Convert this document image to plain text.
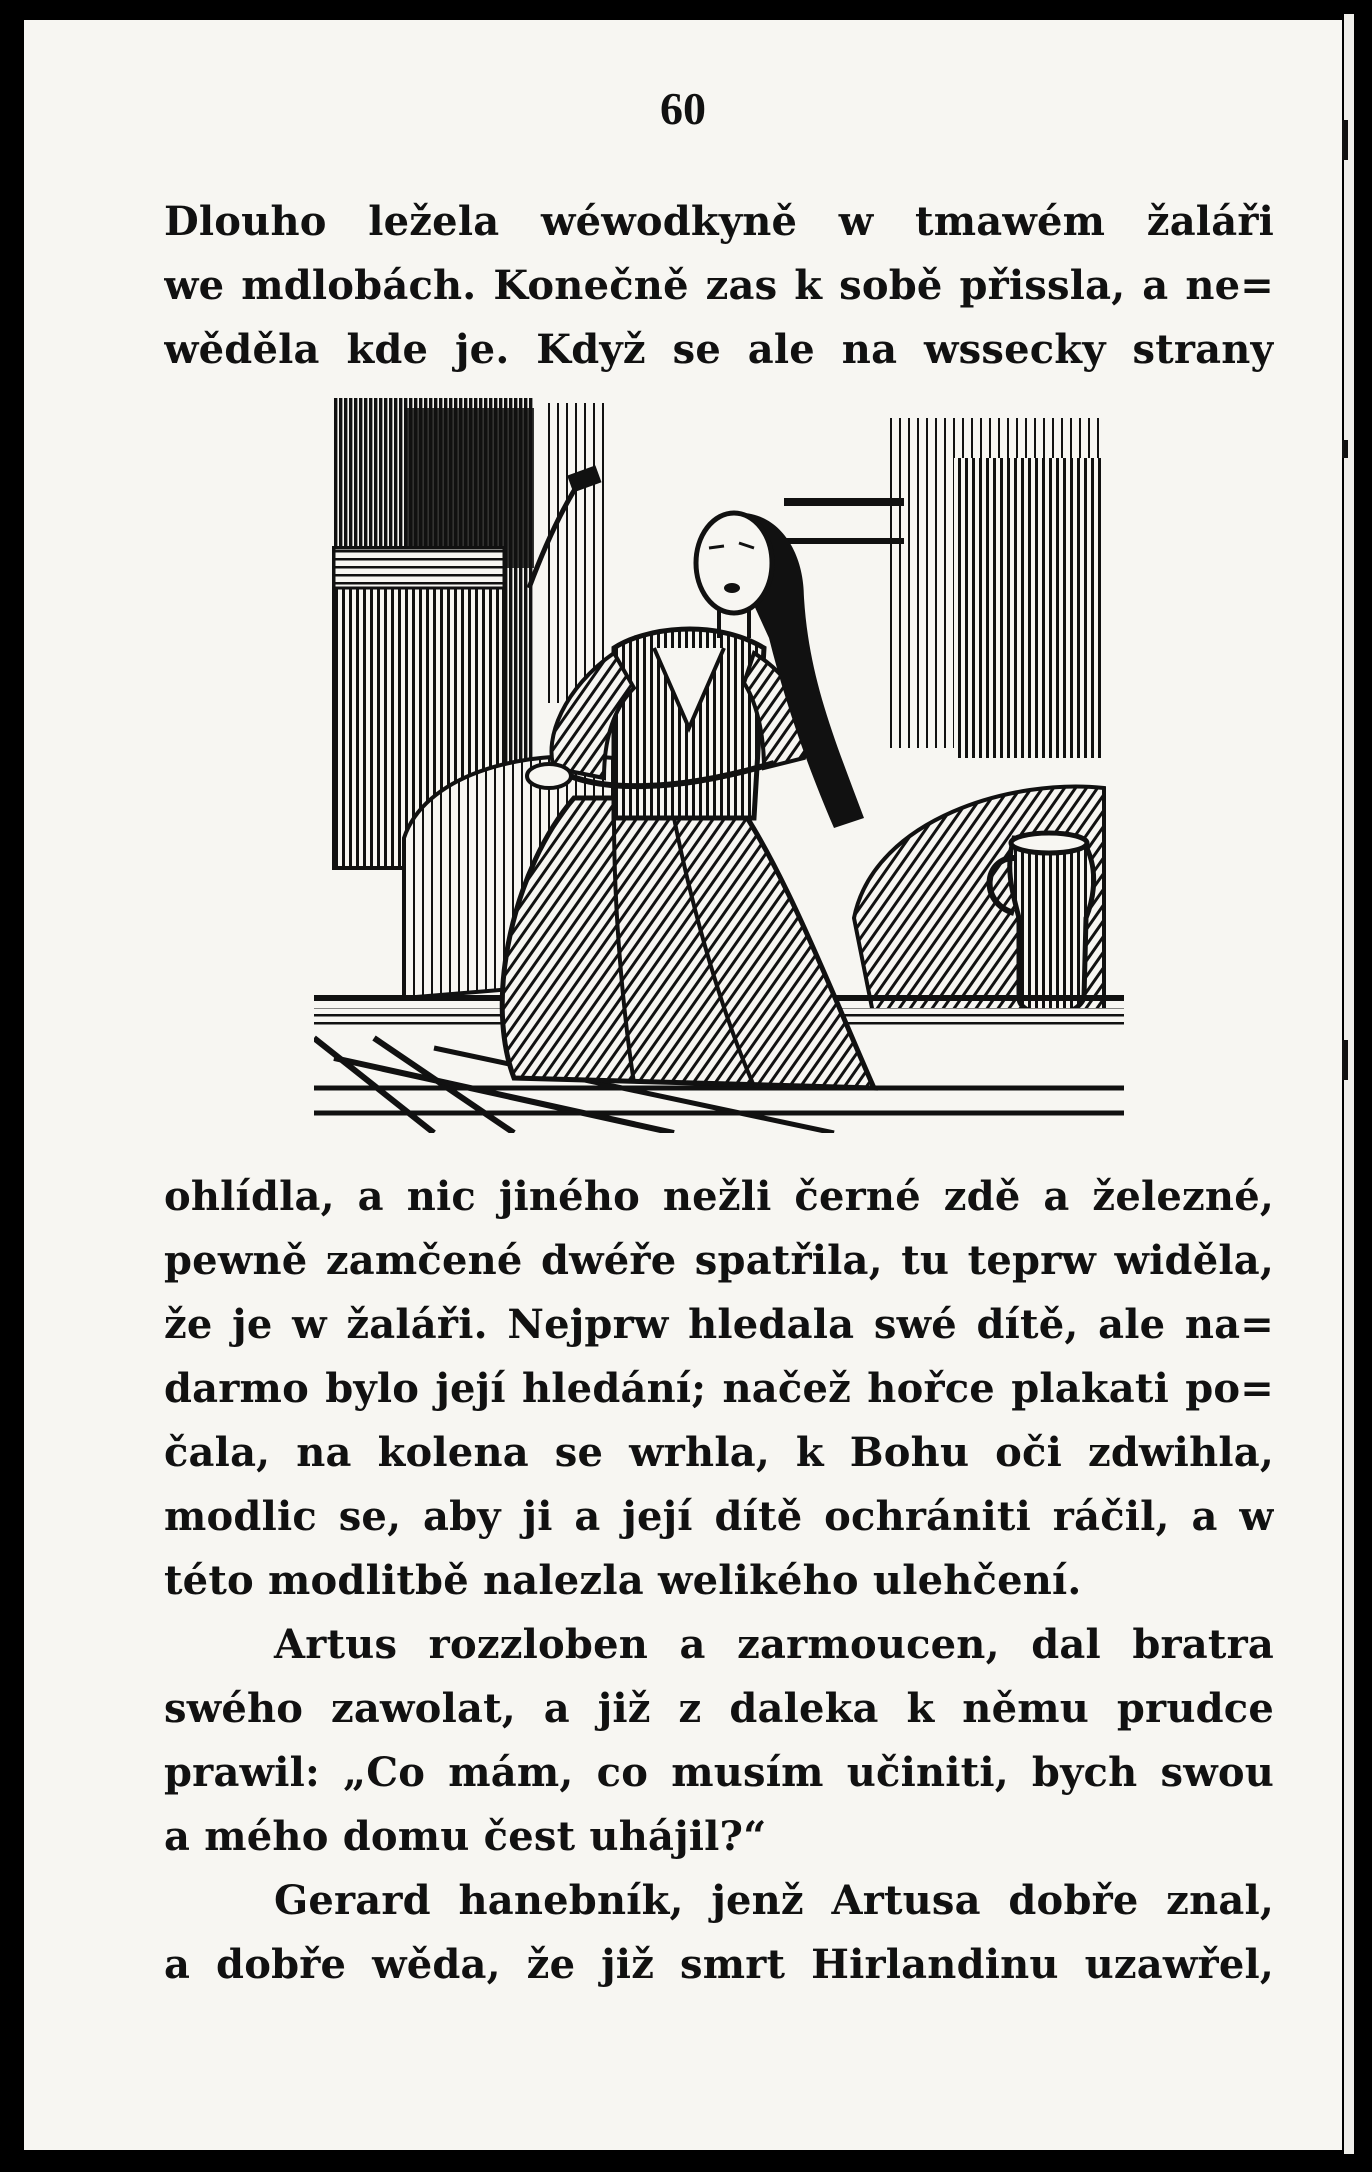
60
Dlouho ležela wéwodkyně w tmawém žaláři
we mdlobách. Konečně zas k sobě přissla, a ne=
wěděla kde je. Když se ale na wssecky strany
ohlídla, a nic jiného nežli černé zdě a železné,
pewně zamčené dwéře spatřila, tu teprw widěla,
že je w žaláři. Nejprw hledala swé dítě, ale na=
darmo bylo její hledání; načež hořce plakati po=
čala, na kolena se wrhla, k Bohu oči zdwihla,
modlic se, aby ji a její dítě ochrániti ráčil, a w
této modlitbě nalezla welikého ulehčení.
Artus rozzloben a zarmoucen, dal bratra
swého zawolat, a již z daleka k němu prudce
prawil: „Co mám, co musím učiniti, bych swou
a mého domu čest uhájil?“
Gerard hanebník, jenž Artusa dobře znal,
a dobře wěda, že již smrt Hirlandinu uzawřel,
